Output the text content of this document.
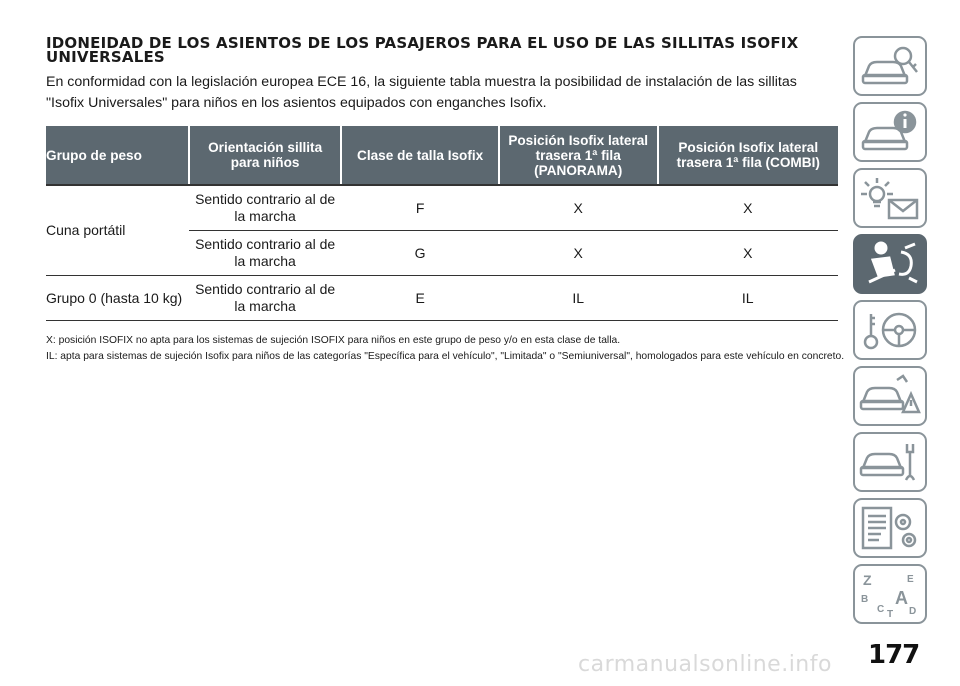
IDONEIDAD DE LOS ASIENTOS DE LOS PASAJEROS PARA EL USO DE LAS SILLITAS ISOFIX UNIVERSALES

En conformidad con la legislación europea ECE 16, la siguiente tabla muestra la posibilidad de instalación de las sillitas "Isofix Universales" para niños en los asientos equipados con enganches Isofix.

Grupo de peso	Orientación sillita para niños	Clase de talla Isofix	Posición Isofix lateral trasera 1ª fila (PANORAMA)	Posición Isofix lateral trasera 1ª fila (COMBI)
Cuna portátil	Sentido contrario al de la marcha	F	X	X
	Sentido contrario al de la marcha	G	X	X
Grupo 0 (hasta 10 kg)	Sentido contrario al de la marcha	E	IL	IL

X: posición ISOFIX no apta para los sistemas de sujeción ISOFIX para niños en este grupo de peso y/o en esta clase de talla.

IL: apta para sistemas de sujeción Isofix para niños de las categorías "Específica para el vehículo", "Limitada" o "Semiuniversal", homologados para este vehículo en concreto.

Z	E
B A
C D
T
carmanualsonline.info 177
